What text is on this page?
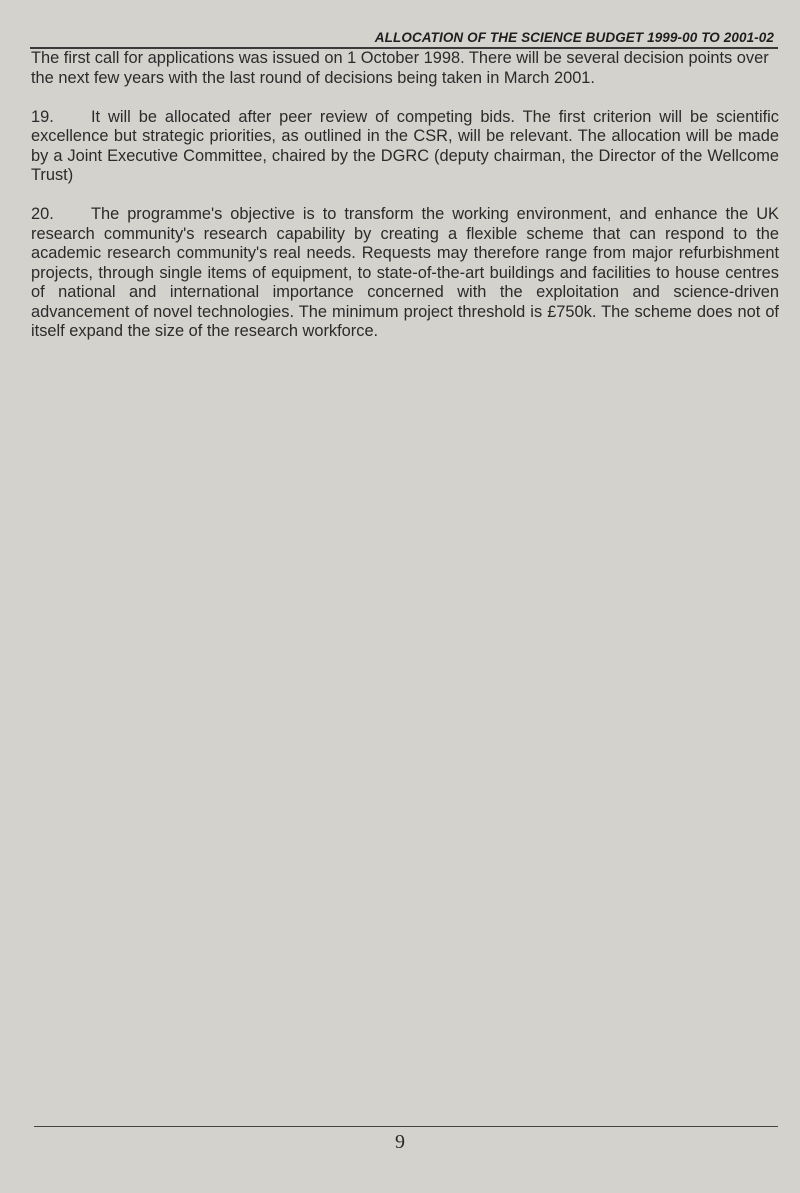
ALLOCATION OF THE SCIENCE BUDGET 1999-00 TO 2001-02

The first call for applications was issued on 1 October 1998. There will be several decision points over the next few years with the last round of decisions being taken in March 2001.

19. It will be allocated after peer review of competing bids. The first criterion will be scientific excellence but strategic priorities, as outlined in the CSR, will be relevant. The allocation will be made by a Joint Executive Committee, chaired by the DGRC (deputy chairman, the Director of the Wellcome Trust)

20. The programme's objective is to transform the working environment, and enhance the UK research community's research capability by creating a flexible scheme that can respond to the academic research community's real needs. Requests may therefore range from major refurbishment projects, through single items of equipment, to state-of-the-art buildings and facilities to house centres of national and international importance concerned with the exploitation and science-driven advancement of novel technologies. The minimum project threshold is £750k. The scheme does not of itself expand the size of the research workforce.

9
